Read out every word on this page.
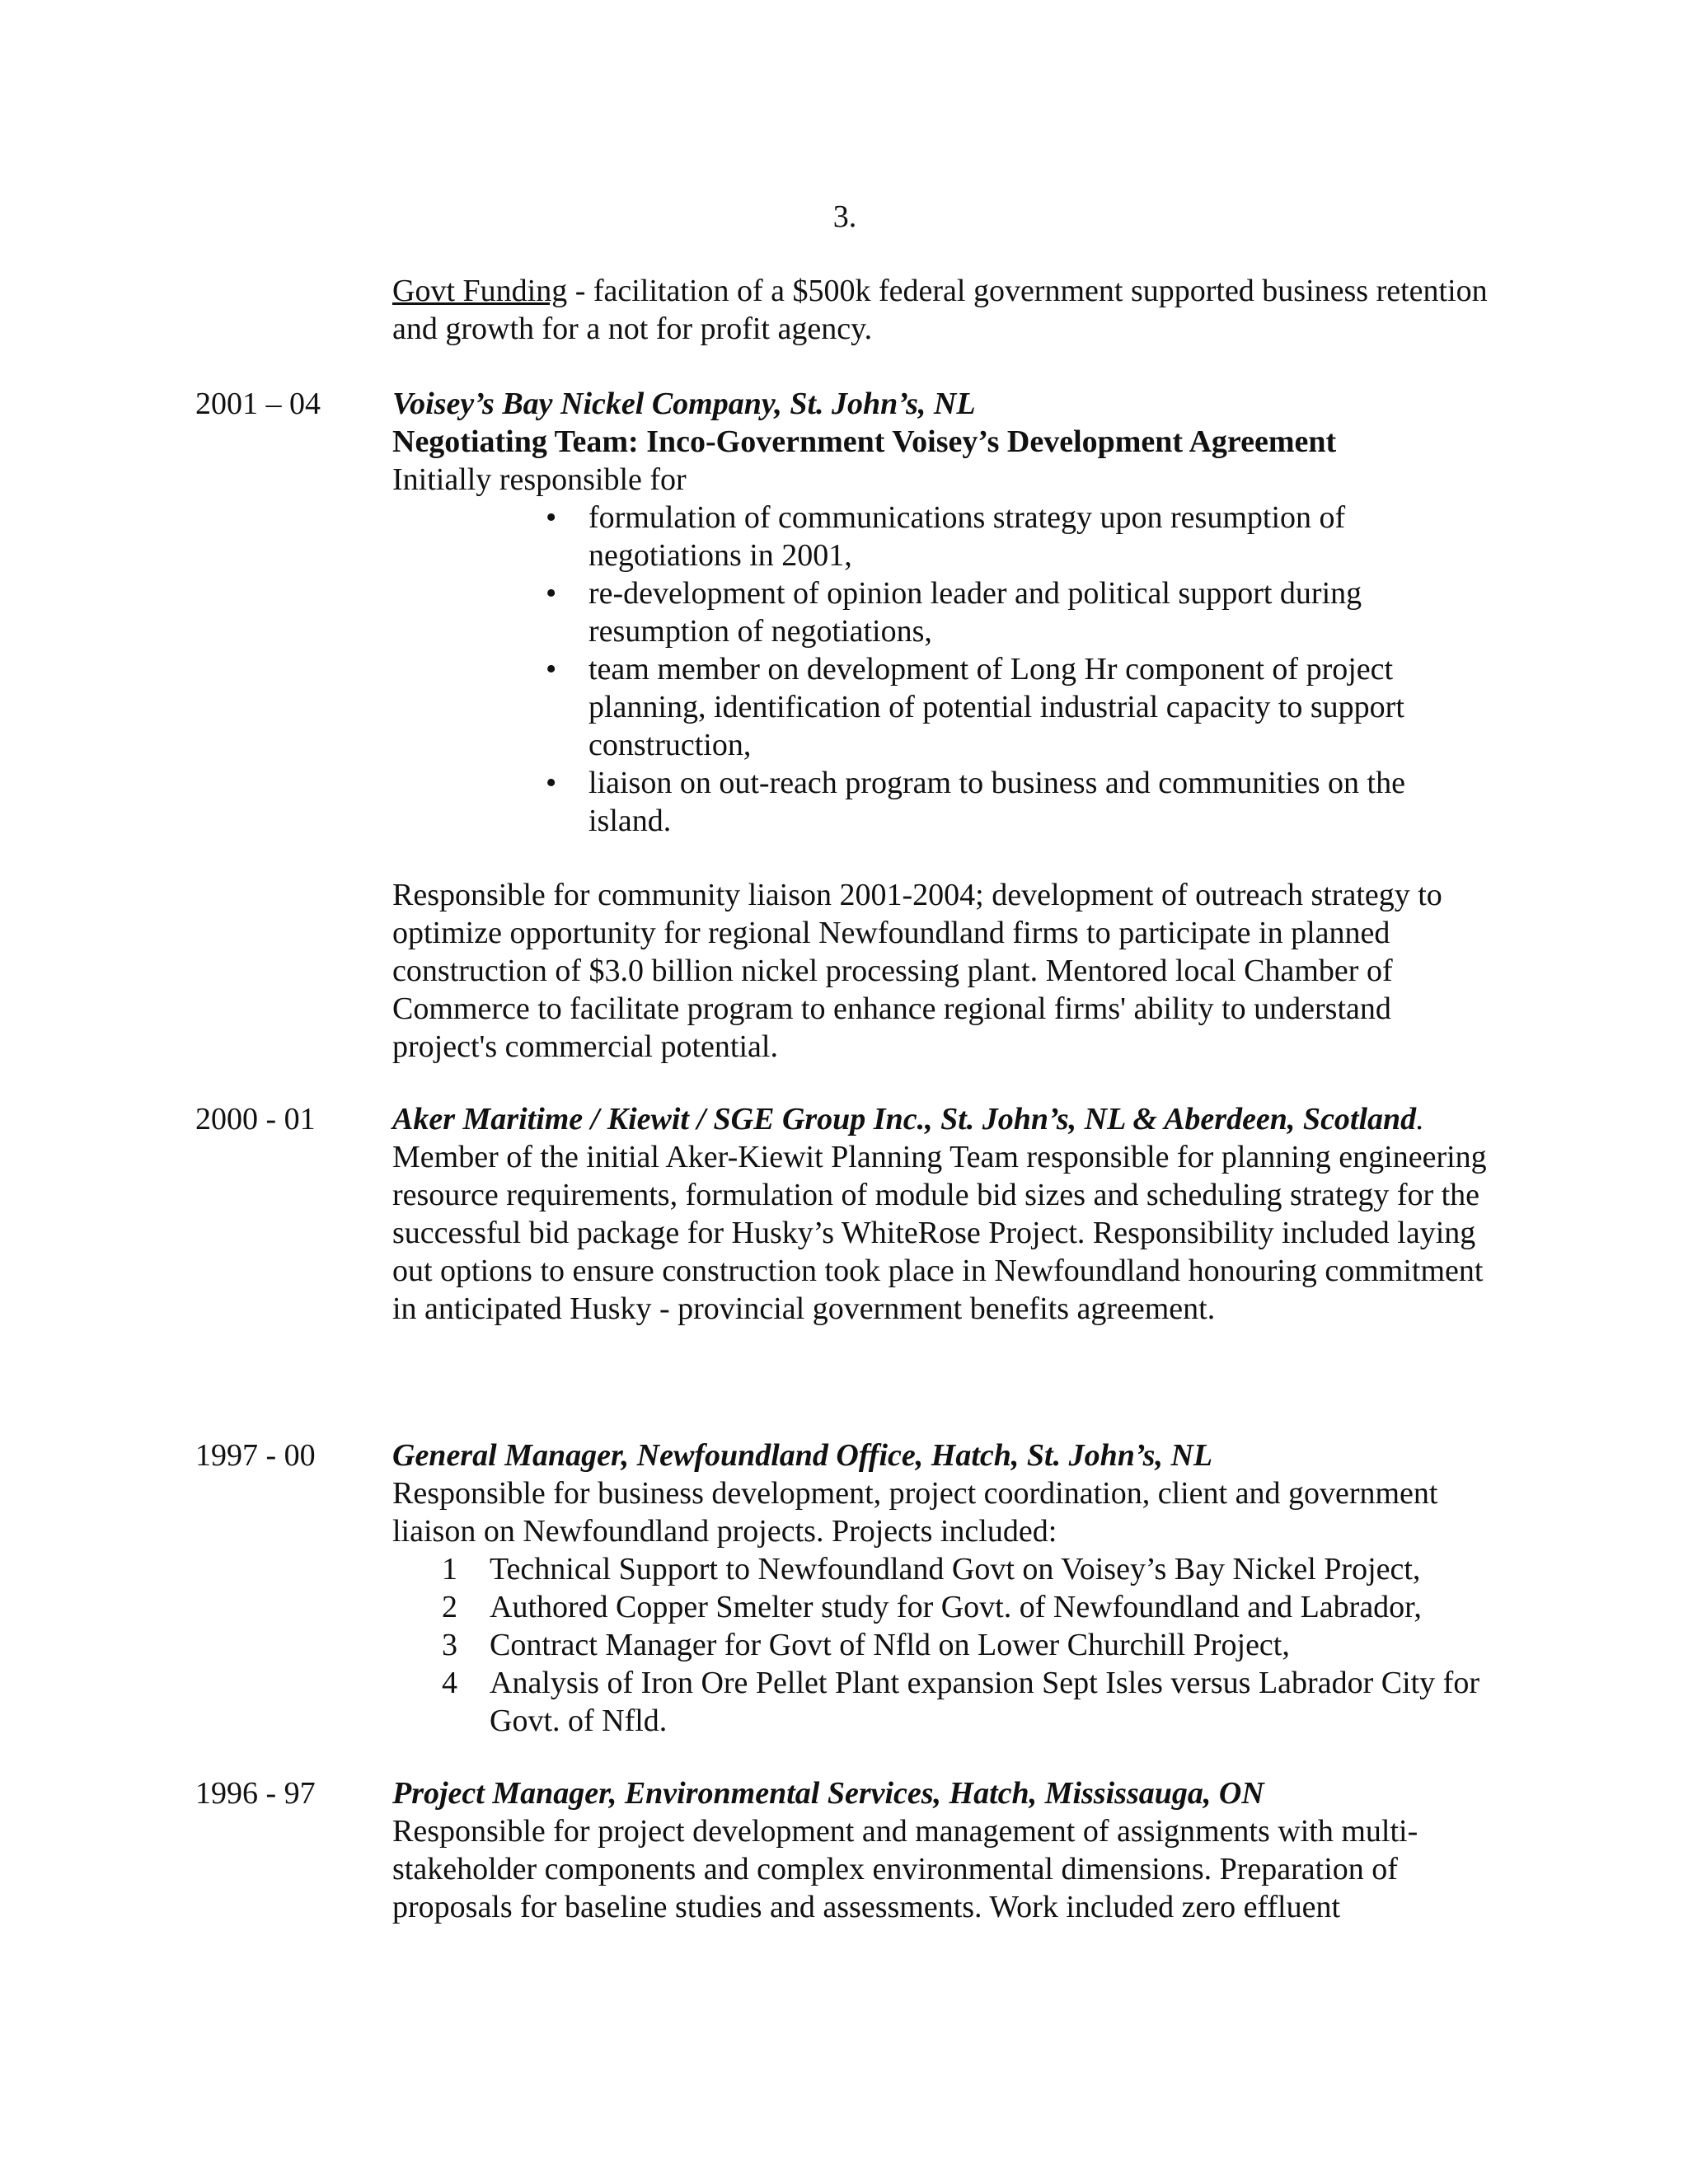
3.

Govt Funding - facilitation of a $500k federal government supported business retention and growth for a not for profit agency.

2001 – 04 Voisey’s Bay Nickel Company, St. John’s, NL

Negotiating Team: Inco-Government Voisey’s Development Agreement

Initially responsible for

• formulation of communications strategy upon resumption of negotiations in 2001,
• re-development of opinion leader and political support during resumption of negotiations,
• team member on development of Long Hr component of project planning, identification of potential industrial capacity to support construction,
• liaison on out-reach program to business and communities on the island.

Responsible for community liaison 2001-2004; development of outreach strategy to optimize opportunity for regional Newfoundland firms to participate in planned construction of $3.0 billion nickel processing plant. Mentored local Chamber of Commerce to facilitate program to enhance regional firms' ability to understand project's commercial potential.

2000 - 01 Aker Maritime / Kiewit / SGE Group Inc., St. John’s, NL & Aberdeen, Scotland.

Member of the initial Aker-Kiewit Planning Team responsible for planning engineering resource requirements, formulation of module bid sizes and scheduling strategy for the successful bid package for Husky’s WhiteRose Project. Responsibility included laying out options to ensure construction took place in Newfoundland honouring commitment in anticipated Husky - provincial government benefits agreement.

1997 - 00 General Manager, Newfoundland Office, Hatch, St. John’s, NL

Responsible for business development, project coordination, client and government liaison on Newfoundland projects. Projects included:

1 Technical Support to Newfoundland Govt on Voisey’s Bay Nickel Project,
2 Authored Copper Smelter study for Govt. of Newfoundland and Labrador,
3 Contract Manager for Govt of Nfld on Lower Churchill Project,
4 Analysis of Iron Ore Pellet Plant expansion Sept Isles versus Labrador City for Govt. of Nfld.
1996 - 97 Project Manager, Environmental Services, Hatch, Mississauga, ON

Responsible for project development and management of assignments with multi-stakeholder components and complex environmental dimensions. Preparation of proposals for baseline studies and assessments. Work included zero effluent
